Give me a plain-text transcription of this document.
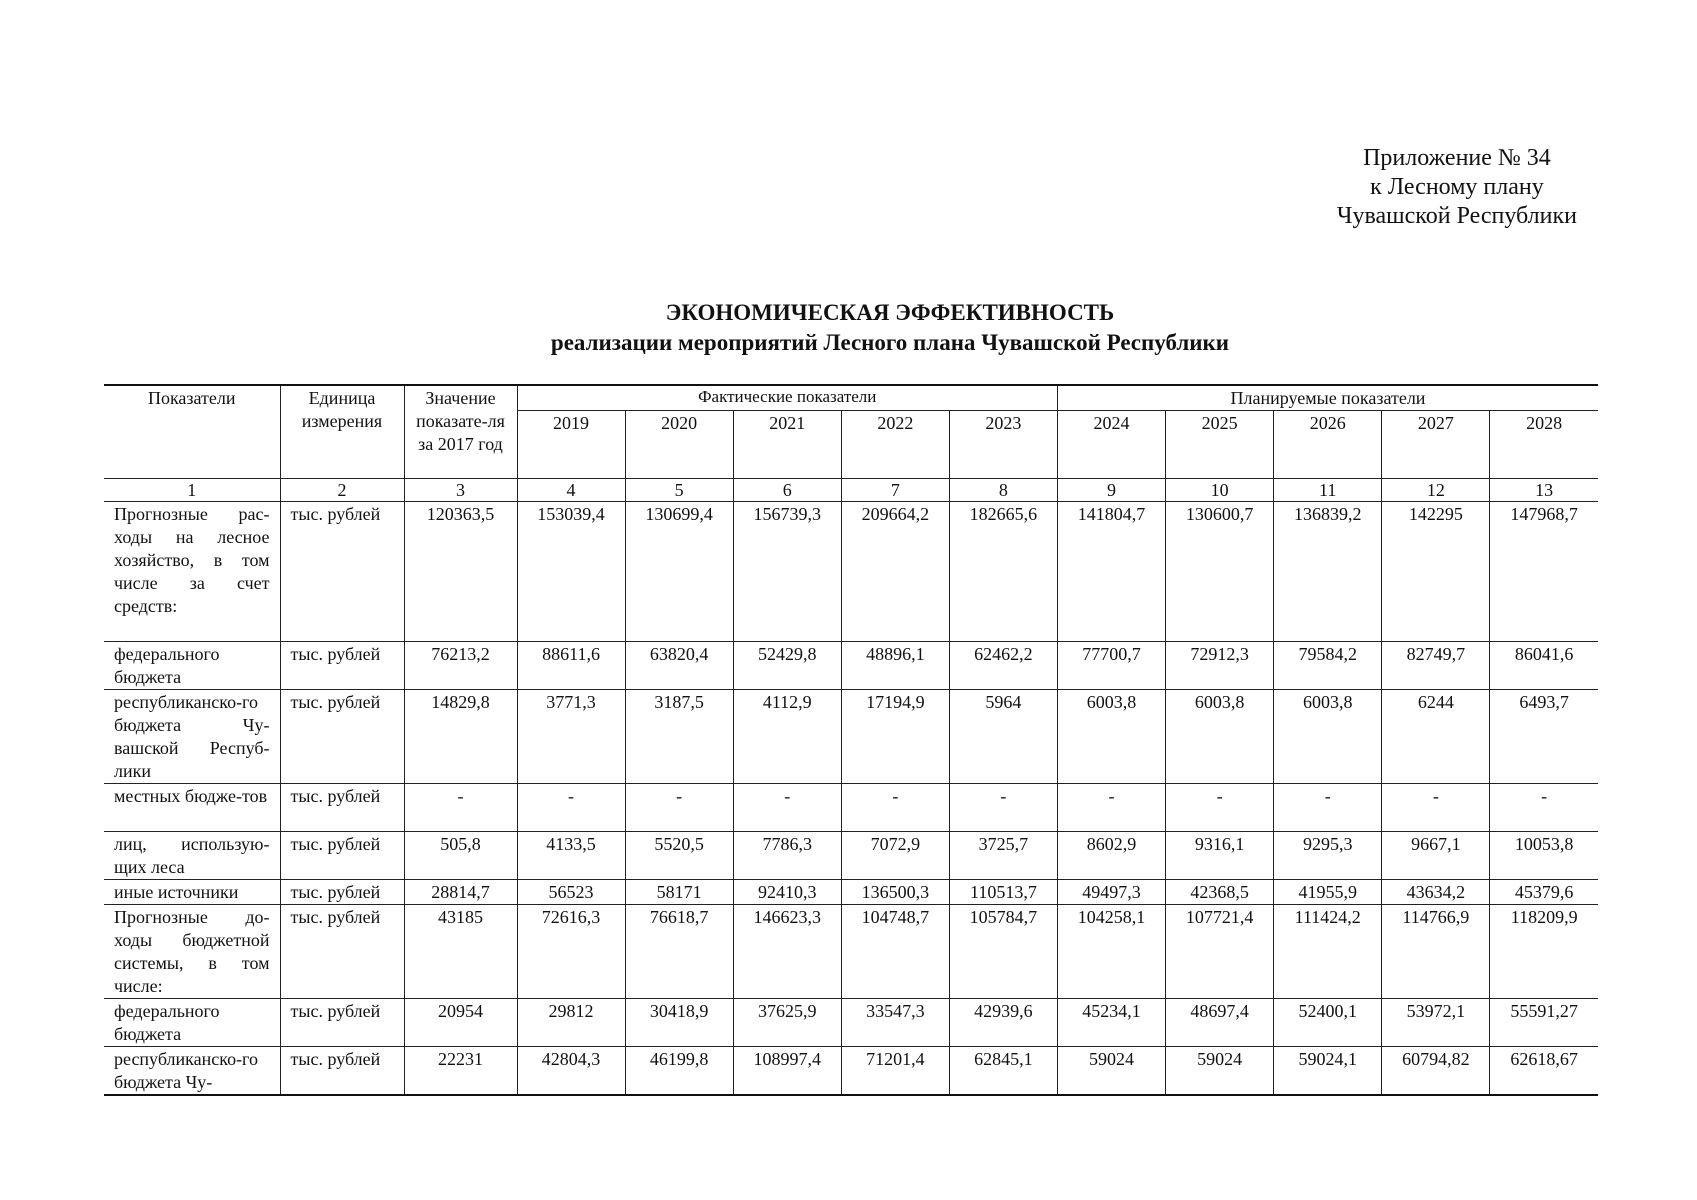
Приложение № 34
к Лесному плану
Чувашской Республики
ЭКОНОМИЧЕСКАЯ ЭФФЕКТИВНОСТЬ
реализации мероприятий Лесного плана Чувашской Республики
Показатели	Единица измерения	Значение показате-ля за 2017 год	Фактические показатели					Планируемые показатели				
			2019	2020	2021	2022	2023	2024	2025	2026	2027	2028
1	2	3	4	5	6	7	8	9	10	11	12	13
Прогнозные рас-ходы на лесное хозяйство, в том числе за счет средств:	тыс. рублей	120363,5	153039,4	130699,4	156739,3	209664,2	182665,6	141804,7	130600,7	136839,2	142295	147968,7
федерального бюджета	тыс. рублей	76213,2	88611,6	63820,4	52429,8	48896,1	62462,2	77700,7	72912,3	79584,2	82749,7	86041,6
республиканско-го бюджета Чу-вашской Респуб-лики	тыс. рублей	14829,8	3771,3	3187,5	4112,9	17194,9	5964	6003,8	6003,8	6003,8	6244	6493,7
местных бюдже-тов	тыс. рублей	-	-	-	-	-	-	-	-	-	-	-
лиц, использую-щих леса	тыс. рублей	505,8	4133,5	5520,5	7786,3	7072,9	3725,7	8602,9	9316,1	9295,3	9667,1	10053,8
иные источники	тыс. рублей	28814,7	56523	58171	92410,3	136500,3	110513,7	49497,3	42368,5	41955,9	43634,2	45379,6
Прогнозные до-ходы бюджетной системы, в том числе:	тыс. рублей	43185	72616,3	76618,7	146623,3	104748,7	105784,7	104258,1	107721,4	111424,2	114766,9	118209,9
федерального бюджета	тыс. рублей	20954	29812	30418,9	37625,9	33547,3	42939,6	45234,1	48697,4	52400,1	53972,1	55591,27
республиканско-го бюджета Чу-	тыс. рублей	22231	42804,3	46199,8	108997,4	71201,4	62845,1	59024	59024	59024,1	60794,82	62618,67
